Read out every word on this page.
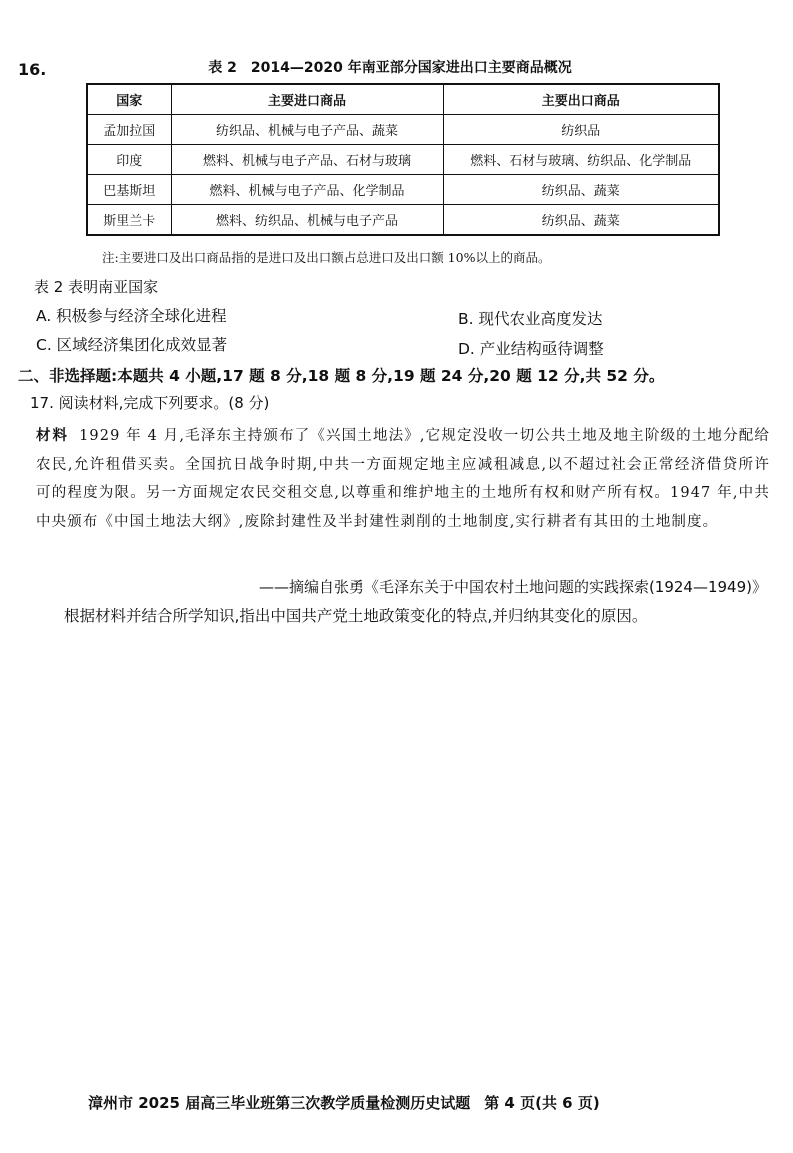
16.	表 2　2014—2020 年南亚部分国家进出口主要商品概况
国家	主要进口商品	主要出口商品
孟加拉国	纺织品、机械与电子产品、蔬菜	纺织品
印度	燃料、机械与电子产品、石材与玻璃	燃料、石材与玻璃、纺织品、化学制品
巴基斯坦	燃料、机械与电子产品、化学制品	纺织品、蔬菜
斯里兰卡	燃料、纺织品、机械与电子产品	纺织品、蔬菜
注:主要进口及出口商品指的是进口及出口额占总进口及出口额 10%以上的商品。
表 2 表明南亚国家
A. 积极参与经济全球化进程	B. 现代农业高度发达
C. 区域经济集团化成效显著	D. 产业结构亟待调整
二、非选择题:本题共 4 小题,17 题 8 分,18 题 8 分,19 题 24 分,20 题 12 分,共 52 分。
17. 阅读材料,完成下列要求。(8 分)
材料 1929 年 4 月,毛泽东主持颁布了《兴国土地法》,它规定没收一切公共土地及地主阶级的土地分配给农民,允许租借买卖。全国抗日战争时期,中共一方面规定地主应减租减息,以不超过社会正常经济借贷所许可的程度为限。另一方面规定农民交租交息,以尊重和维护地主的土地所有权和财产所有权。1947 年,中共中央颁布《中国土地法大纲》,废除封建性及半封建性剥削的土地制度,实行耕者有其田的土地制度。
——摘编自张勇《毛泽东关于中国农村土地问题的实践探索(1924—1949)》
根据材料并结合所学知识,指出中国共产党土地政策变化的特点,并归纳其变化的原因。
漳州市 2025 届高三毕业班第三次教学质量检测历史试题 第 4 页(共 6 页)
